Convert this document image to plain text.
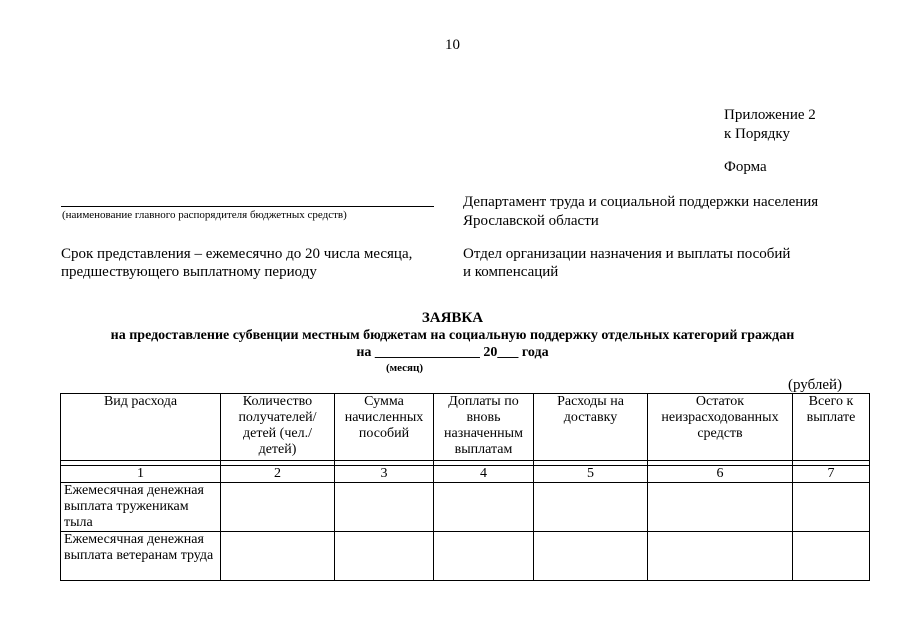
10
Приложение 2
к Порядку
Форма
(наименование главного распорядителя бюджетных средств)
Департамент труда и социальной поддержки населения
Ярославской области
Срок представления – ежемесячно до 20 числа месяца,
предшествующего выплатному периоду
Отдел организации назначения и выплаты пособий
и компенсаций
ЗАЯВКА
на предоставление субвенции местным бюджетам на социальную поддержку отдельных категорий граждан
на _______________ 20___ года
(месяц)
(рублей)
Вид расхода	Количество получателей/ детей (чел./ детей)	Сумма начисленных пособий	Доплаты по вновь назначенным выплатам	Расходы на доставку	Остаток неизрасходованных средств	Всего к выплате

1	2	3	4	5	6	7
Ежемесячная денежная выплата труженикам тыла						
Ежемесячная денежная выплата ветеранам труда						
